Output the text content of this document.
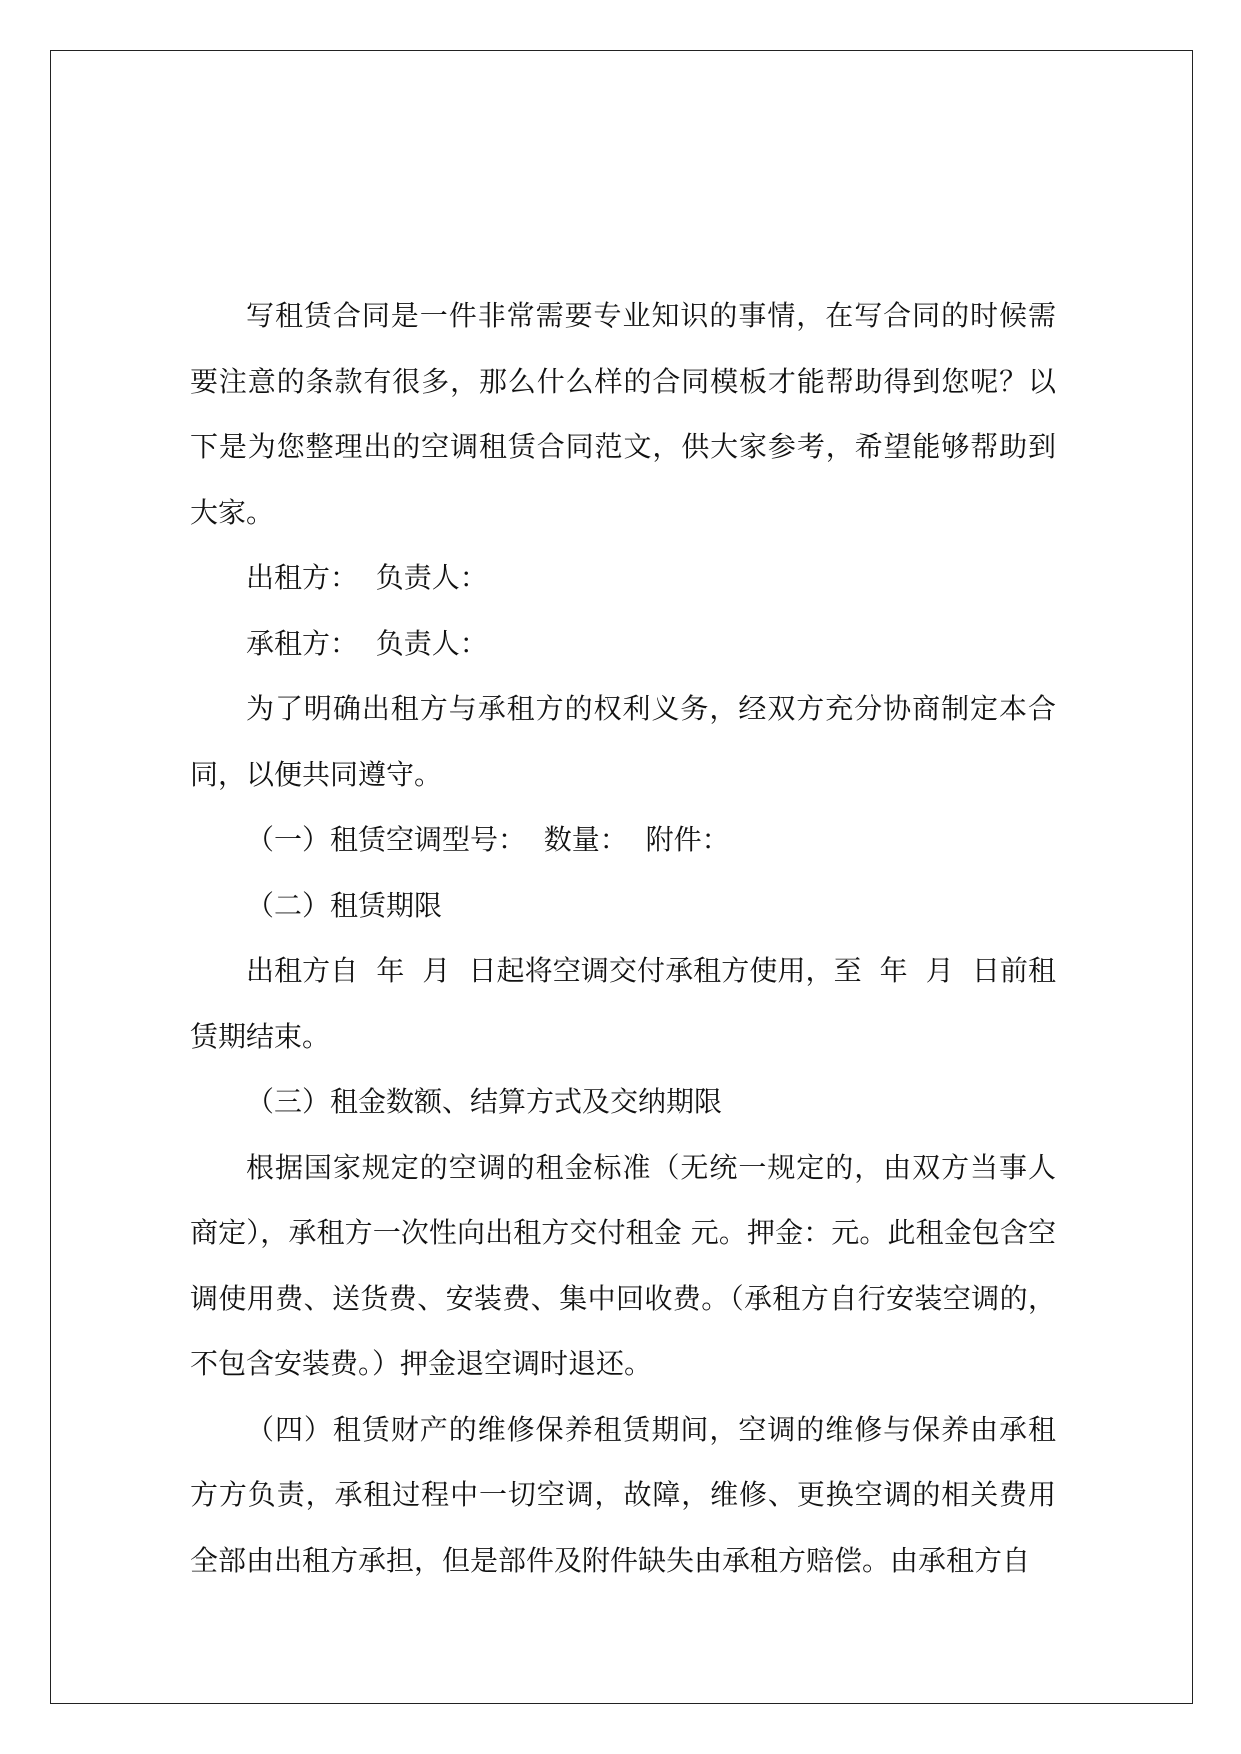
写租赁合同是一件非常需要专业知识的事情，在写合同的时候需要注意的条款有很多，那么什么样的合同模板才能帮助得到您呢？以下是为您整理出的空调租赁合同范文，供大家参考，希望能够帮助到大家。

出租方：  负责人：

承租方：  负责人：

为了明确出租方与承租方的权利义务，经双方充分协商制定本合同，以便共同遵守。

（一）租赁空调型号：  数量：  附件：

（二）租赁期限

出租方自  年  月  日起将空调交付承租方使用，至  年  月  日前租赁期结束。

（三）租金数额、结算方式及交纳期限

根据国家规定的空调的租金标准（无统一规定的，由双方当事人商定），承租方一次性向出租方交付租金 元。押金：元。此租金包含空调使用费、送货费、安装费、集中回收费。（承租方自行安装空调的，不包含安装费。）押金退空调时退还。

（四）租赁财产的维修保养租赁期间，空调的维修与保养由承租方方负责，承租过程中一切空调，故障，维修、更换空调的相关费用全部由出租方承担，但是部件及附件缺失由承租方赔偿。由承租方自
